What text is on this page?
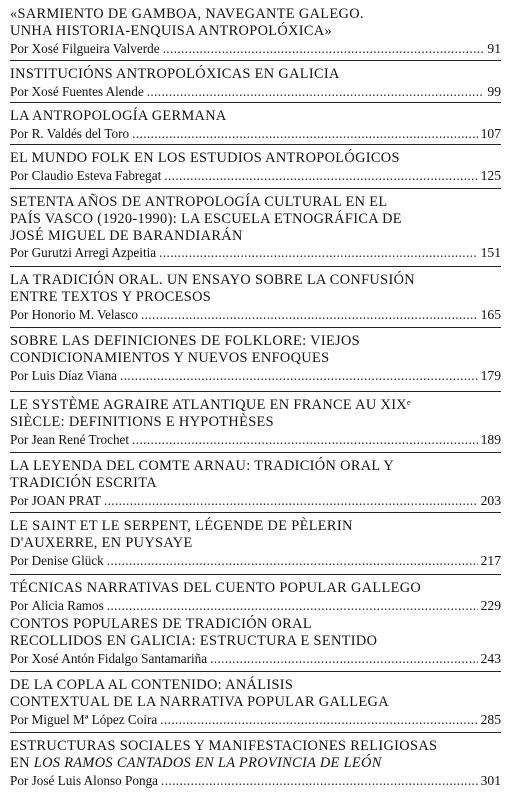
«SARMIENTO DE GAMBOA, NAVEGANTE GALEGO.
UNHA HISTORIA-ENQUISA ANTROPOLÓXICA»
Por
Xosé Filgueira Valverde .....	91
INSTITUCIÓNS ANTROPOLÓXICAS EN GALICIA
Por
Xosé Fuentes Alende .....	99
LA ANTROPOLOGÍA GERMANA
Por
R. Valdés del Toro .....	107
EL MUNDO FOLK EN LOS ESTUDIOS ANTROPOLÓGICOS
Por
Claudio Esteva Fabregat .....	125
SETENTA AÑOS DE ANTROPOLOGÍA CULTURAL EN EL
PAÍS VASCO (1920-1990): LA ESCUELA ETNOGRÁFICA DE
JOSÉ MIGUEL DE BARANDIARÁN
Por
Gurutzi Arregi Azpeitia .....	151
LA TRADICIÓN ORAL. UN ENSAYO SOBRE LA CONFUSIÓN
ENTRE TEXTOS Y PROCESOS
Por
Honorio M. Velasco .....	165
SOBRE LAS DEFINICIONES DE FOLKLORE: VIEJOS
CONDICIONAMIENTOS Y NUEVOS ENFOQUES
Por
Luis Díaz Viana .....	179
LE SYSTÈME AGRAIRE ATLANTIQUE EN FRANCE AU XIXᵉ
SIÈCLE: DEFINITIONS E HYPOTHÈSES
Por
Jean René Trochet .....	189
LA LEYENDA DEL COMTE ARNAU: TRADICIÓN ORAL Y
TRADICIÓN ESCRITA
Por
JOAN PRAT .....	203
LE SAINT ET LE SERPENT, LÉGENDE DE PÈLERIN
D'AUXERRE, EN PUYSAYE
Por
Denise Glück .....	217
TÉCNICAS NARRATIVAS DEL CUENTO POPULAR GALLEGO
Por
Alicia Ramos .....	229
CONTOS POPULARES DE TRADICIÓN ORAL
RECOLLIDOS EN GALICIA: ESTRUCTURA E SENTIDO
Por
Xosé Antón Fidalgo Santamariña .....	243
DE LA COPLA AL CONTENIDO: ANÁLISIS
CONTEXTUAL DE LA NARRATIVA POPULAR GALLEGA
Por
Miguel Mª López Coira .....	285
ESTRUCTURAS SOCIALES Y MANIFESTACIONES RELIGIOSAS
EN LOS RAMOS CANTADOS EN LA PROVINCIA DE LEÓN
Por
José Luis Alonso Ponga .....	301
